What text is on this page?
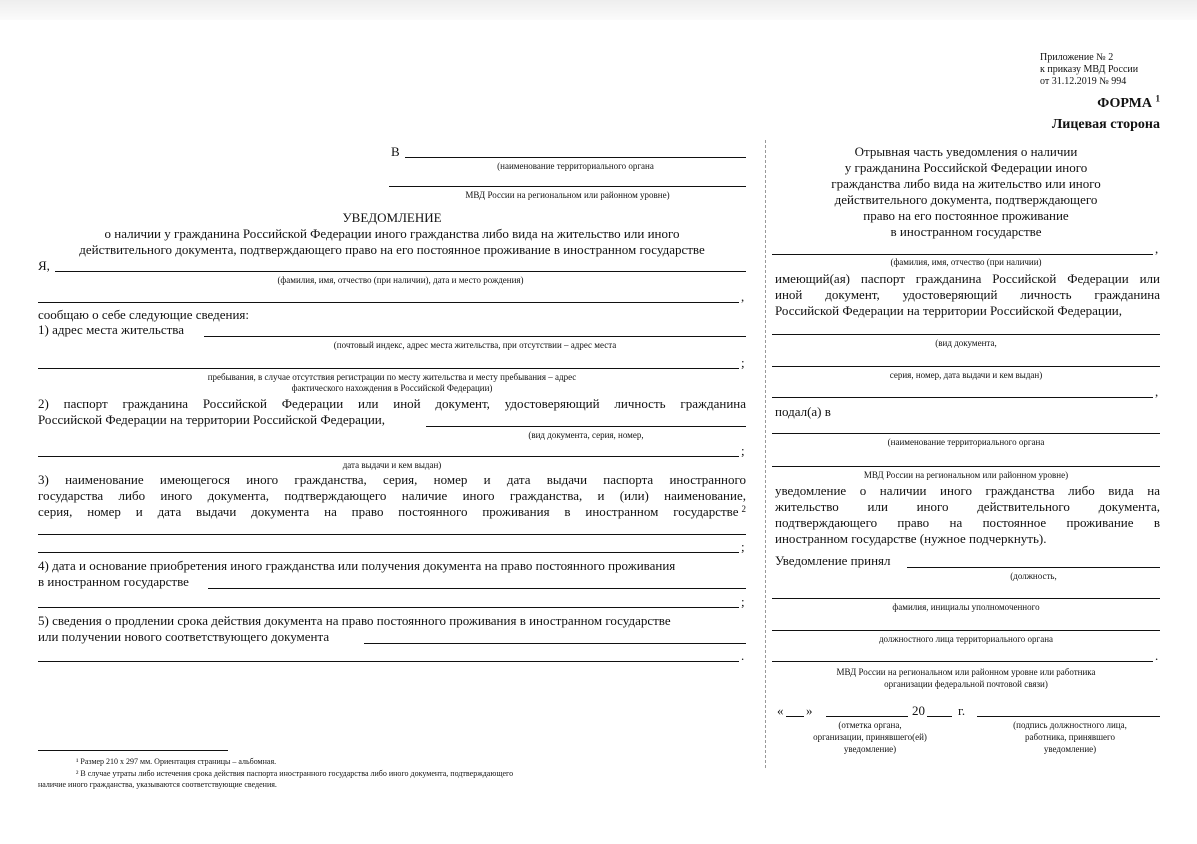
Приложение № 2
к приказу МВД России
от 31.12.2019 № 994
ФОРМА $^1$
Лицевая сторона
В
(наименование территориального органа
МВД России на региональном или районном уровне)
УВЕДОМЛЕНИЕ
о наличии у гражданина Российской Федерации иного гражданства либо вида на жительство или иного
действительного документа, подтверждающего право на его постоянное проживание в иностранном государстве
Я,
(фамилия, имя, отчество (при наличии), дата и место рождения)
,
сообщаю о себе следующие сведения:
1) адрес места жительства
(почтовый индекс, адрес места жительства, при отсутствии – адрес места
;
пребывания, в случае отсутствия регистрации по месту жительства и месту пребывания – адрес
фактического нахождения в Российской Федерации)
2) паспорт гражданина Российской Федерации или иной документ, удостоверяющий личность гражданина
Российской Федерации на территории Российской Федерации,
(вид документа, серия, номер,
;
дата выдачи и кем выдан)
3) наименование имеющегося иного гражданства, серия, номер и дата выдачи паспорта иностранного
государства либо иного документа, подтверждающего наличие иного гражданства, и (или) наименование,
серия, номер и дата выдачи документа на право постоянного проживания в иностранном государстве 2
;
4) дата и основание приобретения иного гражданства или получения документа на право постоянного проживания
в иностранном государстве
;
5) сведения о продлении срока действия документа на право постоянного проживания в иностранном государстве
или получении нового соответствующего документа
.
¹ Размер 210 x 297 мм. Ориентация страницы – альбомная.
² В случае утраты либо истечения срока действия паспорта иностранного государства либо иного документа, подтверждающего
наличие иного гражданства, указываются соответствующие сведения.
Отрывная часть уведомления о наличии
у гражданина Российской Федерации иного
гражданства либо вида на жительство или иного
действительного документа, подтверждающего
право на его постоянное проживание
в иностранном государстве
,
(фамилия, имя, отчество (при наличии)
имеющий(ая) паспорт гражданина Российской Федерации или
иной документ, удостоверяющий личность гражданина
Российской Федерации на территории Российской Федерации,
(вид документа,
серия, номер, дата выдачи и кем выдан)
,
подал(а) в
(наименование территориального органа
МВД России на региональном или районном уровне)
уведомление о наличии иного гражданства либо вида на
жительство или иного действительного документа,
подтверждающего право на постоянное проживание в
иностранном государстве (нужное подчеркнуть).
Уведомление принял
(должность,
фамилия, инициалы уполномоченного
должностного лица территориального органа
.
МВД России на региональном или районном уровне или работника
организации федеральной почтовой связи)
« »	20	г.
(отметка органа,
организации, принявшего(ей)
уведомление)
(подпись должностного лица,
работника, принявшего
уведомление)
